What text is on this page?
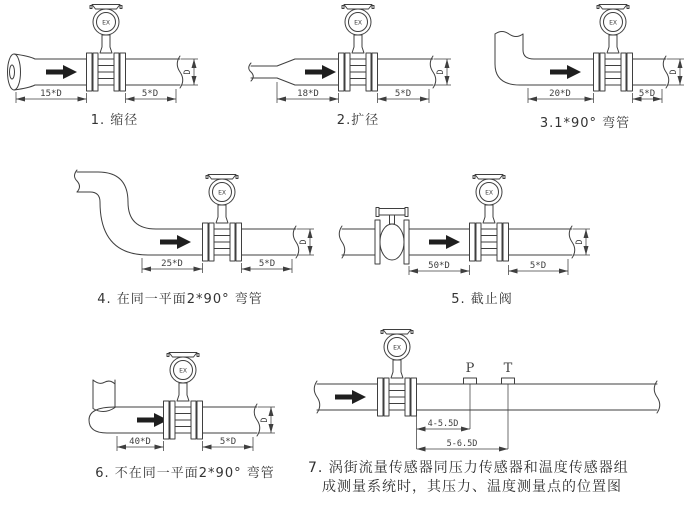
15*D	5*D
D
1. 缩径
18*D	5*D
D
2.扩径
20*D	5*D
D
3.1*90° 弯管
25*D	5*D
D
4. 在同一平面2*90° 弯管
50*D	5*D
D
5. 截止阀
40*D	5*D
D
6. 不在同一平面2*90° 弯管
P T
4-5.5D
5-6.5D
7. 涡街流量传感器同压力传感器和温度传感器组
成测量系统时，其压力、温度测量点的位置图
